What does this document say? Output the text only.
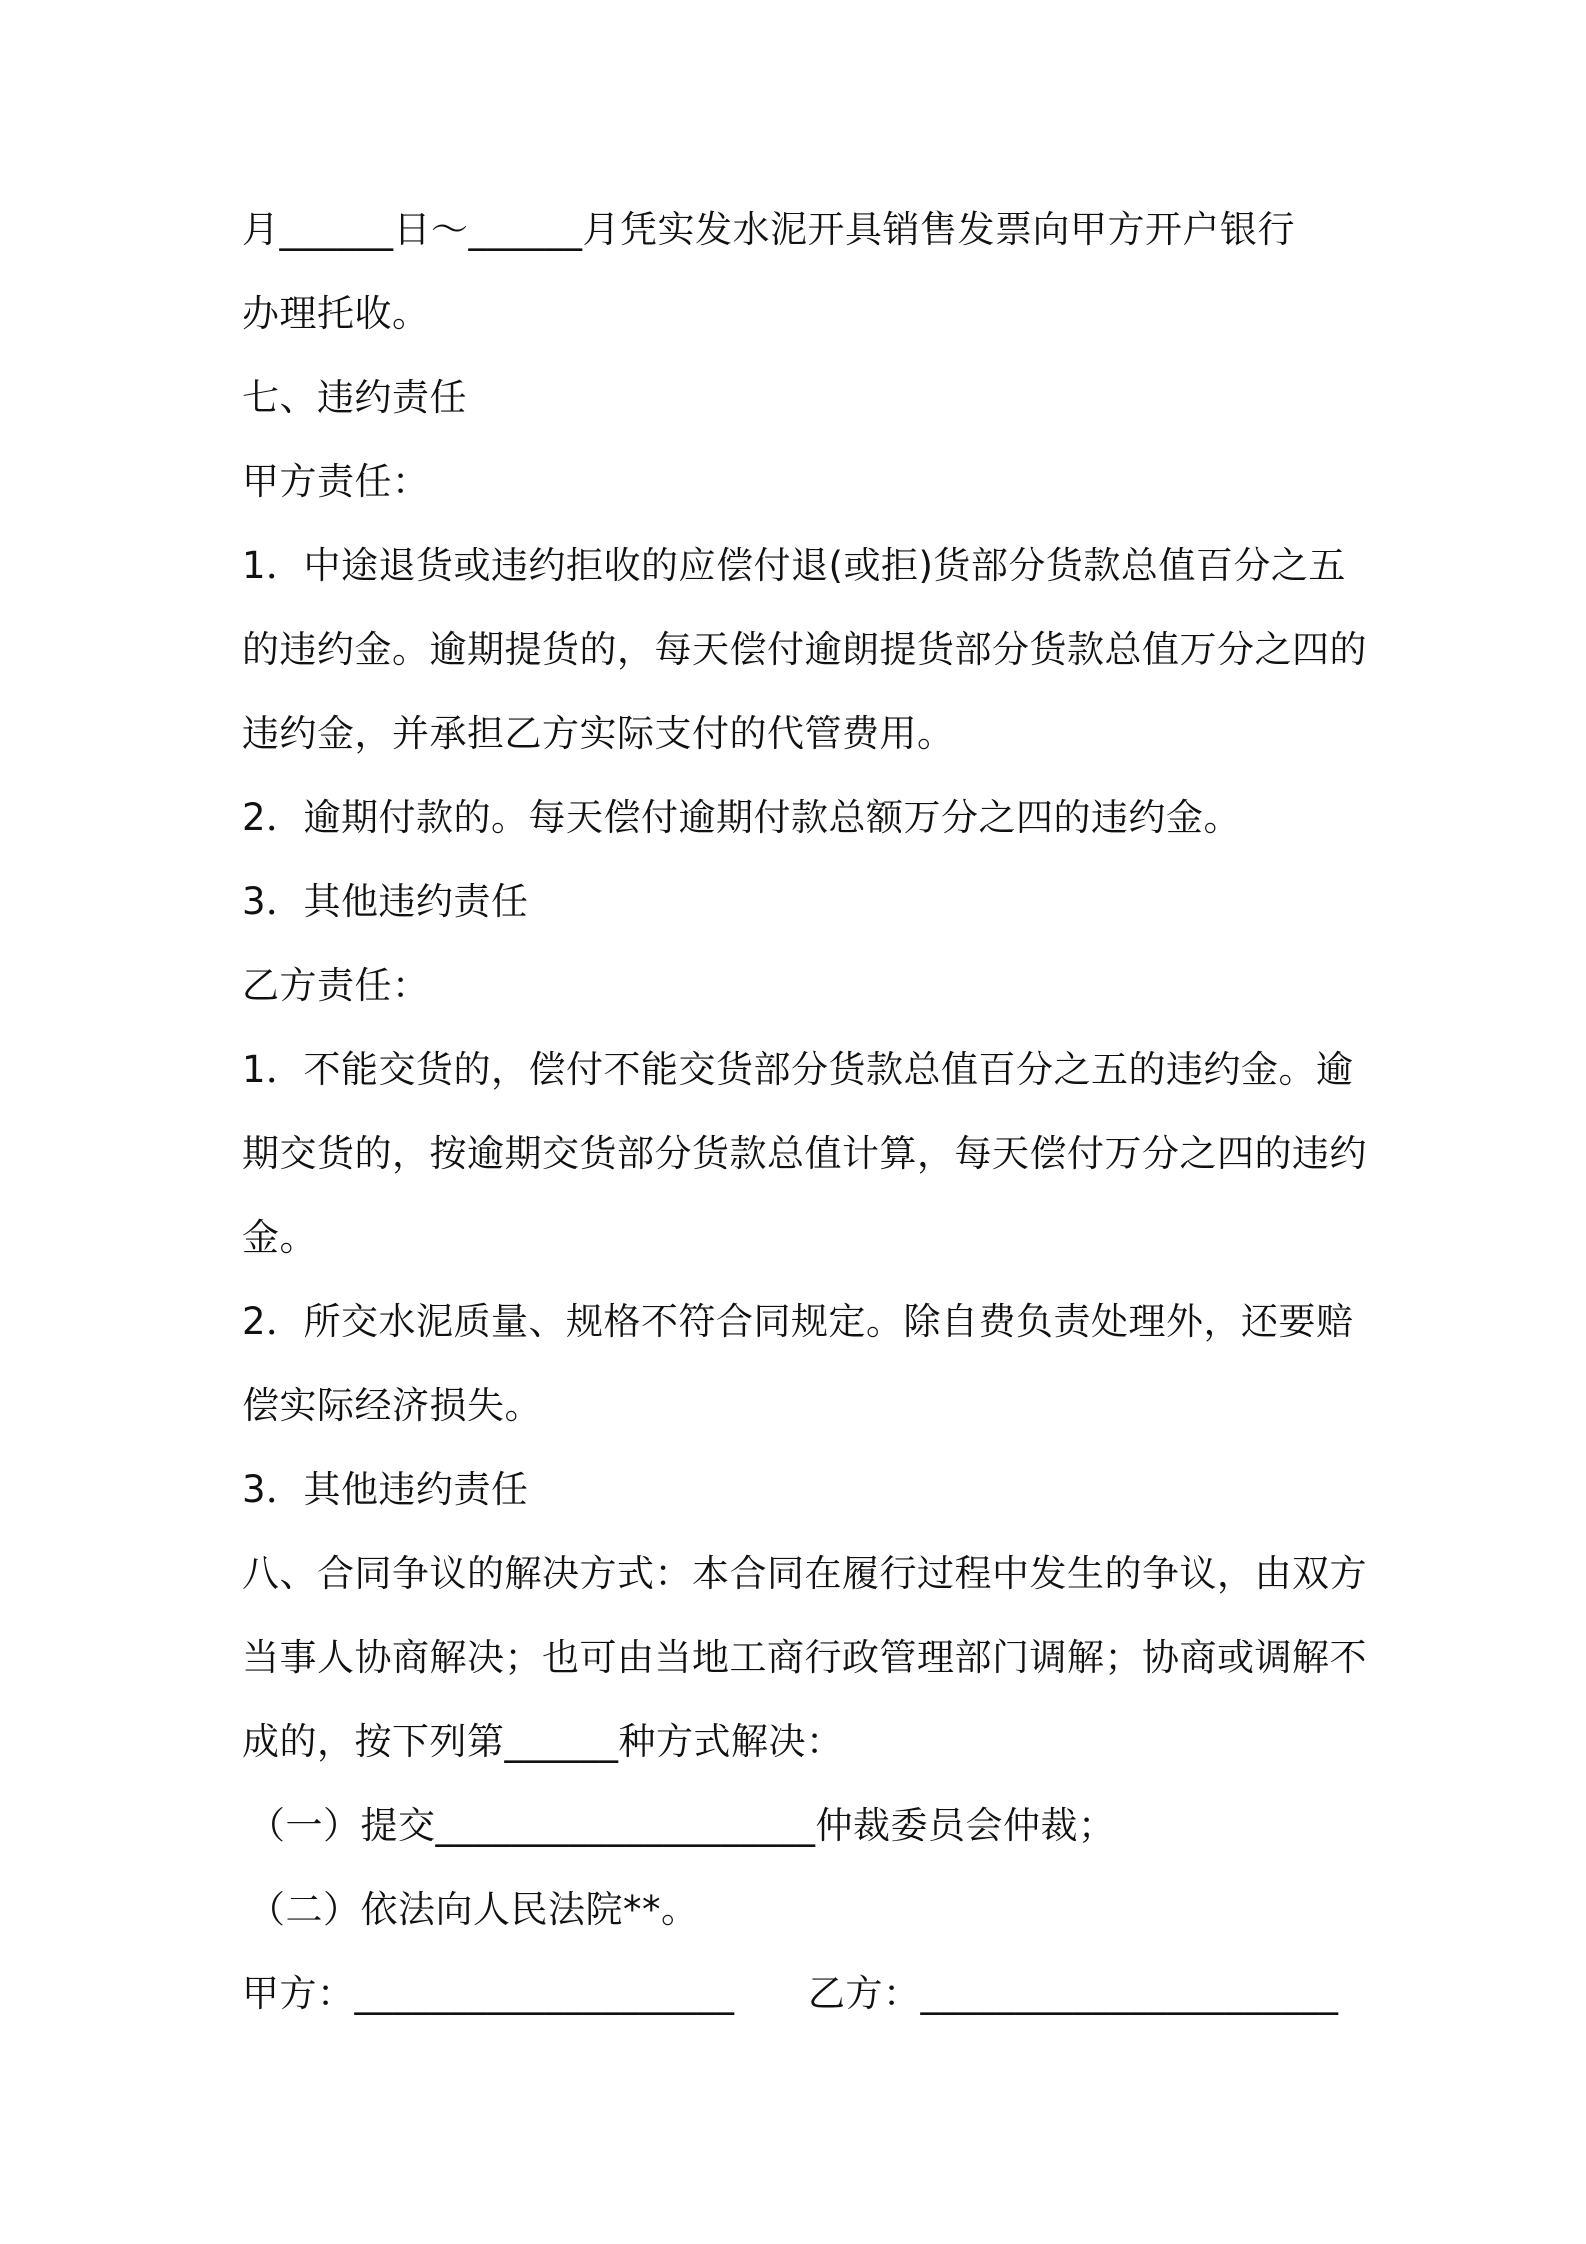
月______日～______月凭实发水泥开具销售发票向甲方开户银行
办理托收。
七、违约责任
甲方责任：
1．中途退货或违约拒收的应偿付退(或拒)货部分货款总值百分之五
的违约金。逾期提货的，每天偿付逾朗提货部分货款总值万分之四的
违约金，并承担乙方实际支付的代管费用。
2．逾期付款的。每天偿付逾期付款总额万分之四的违约金。
3．其他违约责任
乙方责任：
1．不能交货的，偿付不能交货部分货款总值百分之五的违约金。逾
期交货的，按逾期交货部分货款总值计算，每天偿付万分之四的违约
金。
2．所交水泥质量、规格不符合同规定。除自费负责处理外，还要赔
偿实际经济损失。
3．其他违约责任
八、合同争议的解决方式：本合同在履行过程中发生的争议，由双方
当事人协商解决；也可由当地工商行政管理部门调解；协商或调解不
成的，按下列第______种方式解决：
（一）提交____________________仲裁委员会仲裁；
（二）依法向人民法院**。
甲方：____________________ 乙方：______________________
